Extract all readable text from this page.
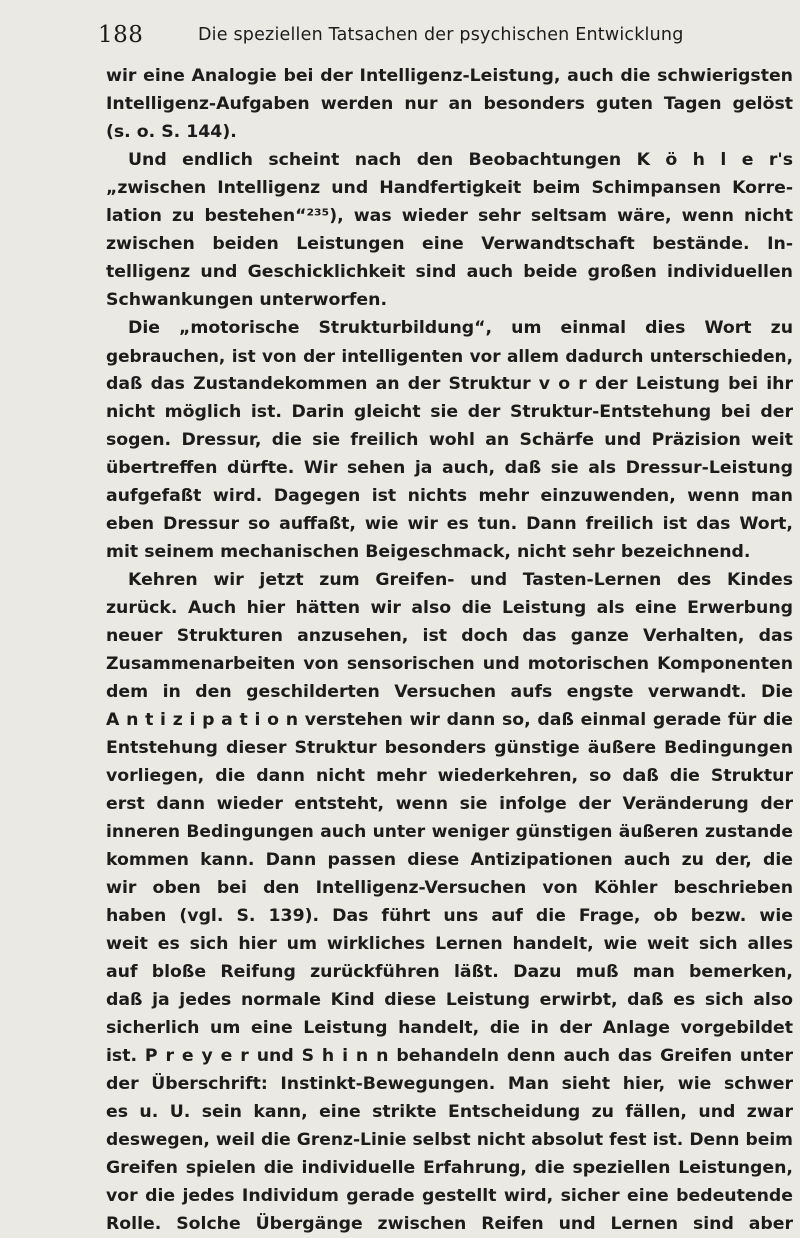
188	Die speziellen Tatsachen der psychischen Entwicklung
wir eine Analogie bei der Intelligenz-Leistung, auch die schwierigsten
Intelligenz-Aufgaben werden nur an besonders guten Tagen gelöst
(s. o. S. 144).
Und endlich scheint nach den Beobachtungen K ö h l e r's
„zwischen Intelligenz und Handfertigkeit beim Schimpansen Korre-
lation zu bestehen“²³⁵), was wieder sehr seltsam wäre, wenn nicht
zwischen beiden Leistungen eine Verwandtschaft bestände. In-
telligenz und Geschicklichkeit sind auch beide großen individuellen
Schwankungen unterworfen.
Die „motorische Strukturbildung“, um einmal dies Wort zu
gebrauchen, ist von der intelligenten vor allem dadurch unterschieden,
daß das Zustandekommen an der Struktur v o r der Leistung bei ihr
nicht möglich ist. Darin gleicht sie der Struktur-Entstehung bei der
sogen. Dressur, die sie freilich wohl an Schärfe und Präzision weit
übertreffen dürfte. Wir sehen ja auch, daß sie als Dressur-Leistung
aufgefaßt wird. Dagegen ist nichts mehr einzuwenden, wenn man
eben Dressur so auffaßt, wie wir es tun. Dann freilich ist das Wort,
mit seinem mechanischen Beigeschmack, nicht sehr bezeichnend.
Kehren wir jetzt zum Greifen- und Tasten-Lernen des Kindes
zurück. Auch hier hätten wir also die Leistung als eine Erwerbung
neuer Strukturen anzusehen, ist doch das ganze Verhalten, das
Zusammenarbeiten von sensorischen und motorischen Komponenten
dem in den geschilderten Versuchen aufs engste verwandt. Die
A n t i z i p a t i o n verstehen wir dann so, daß einmal gerade für die
Entstehung dieser Struktur besonders günstige äußere Bedingungen
vorliegen, die dann nicht mehr wiederkehren, so daß die Struktur
erst dann wieder entsteht, wenn sie infolge der Veränderung der
inneren Bedingungen auch unter weniger günstigen äußeren zustande
kommen kann. Dann passen diese Antizipationen auch zu der, die
wir oben bei den Intelligenz-Versuchen von Köhler beschrieben
haben (vgl. S. 139). Das führt uns auf die Frage, ob bezw. wie
weit es sich hier um wirkliches Lernen handelt, wie weit sich alles
auf bloße Reifung zurückführen läßt. Dazu muß man bemerken,
daß ja jedes normale Kind diese Leistung erwirbt, daß es sich also
sicherlich um eine Leistung handelt, die in der Anlage vorgebildet
ist. P r e y e r und S h i n n behandeln denn auch das Greifen unter
der Überschrift: Instinkt-Bewegungen. Man sieht hier, wie schwer
es u. U. sein kann, eine strikte Entscheidung zu fällen, und zwar
deswegen, weil die Grenz-Linie selbst nicht absolut fest ist. Denn beim
Greifen spielen die individuelle Erfahrung, die speziellen Leistungen,
vor die jedes Individum gerade gestellt wird, sicher eine bedeutende
Rolle. Solche Übergänge zwischen Reifen und Lernen sind aber
